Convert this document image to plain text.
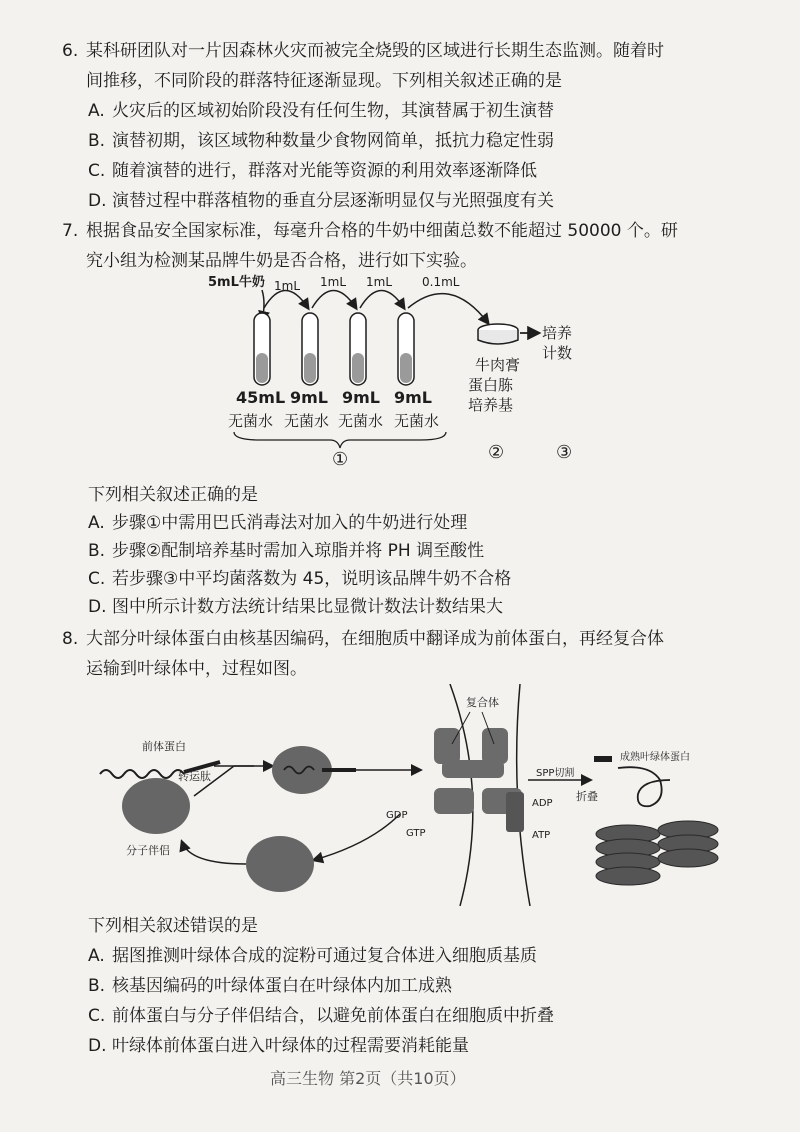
6. 某科研团队对一片因森林火灾而被完全烧毁的区域进行长期生态监测。随着时
间推移，不同阶段的群落特征逐渐显现。下列相关叙述正确的是
A. 火灾后的区域初始阶段没有任何生物，其演替属于初生演替
B. 演替初期，该区域物种数量少食物网简单，抵抗力稳定性弱
C. 随着演替的进行，群落对光能等资源的利用效率逐渐降低
D. 演替过程中群落植物的垂直分层逐渐明显仅与光照强度有关
7. 根据食品安全国家标准，每毫升合格的牛奶中细菌总数不能超过 50000 个。研
究小组为检测某品牌牛奶是否合格，进行如下实验。
5mL牛奶 1mL 1mL 1mL 0.1mL
培养
计数
牛肉膏
蛋白胨
培养基
45mL 9mL 9mL 9mL
无菌水 无菌水 无菌水 无菌水
①	②	③
下列相关叙述正确的是
A. 步骤①中需用巴氏消毒法对加入的牛奶进行处理
B. 步骤②配制培养基时需加入琼脂并将 PH 调至酸性
C. 若步骤③中平均菌落数为 45，说明该品牌牛奶不合格
D. 图中所示计数方法统计结果比显微计数法计数结果大
8. 大部分叶绿体蛋白由核基因编码，在细胞质中翻译成为前体蛋白，再经复合体
运输到叶绿体中，过程如图。
前体蛋白
转运肽
分子伴侣
复合体
GDP
GTP
ADP
ATP
SPP切割
折叠
成熟叶绿体蛋白
下列相关叙述错误的是
A. 据图推测叶绿体合成的淀粉可通过复合体进入细胞质基质
B. 核基因编码的叶绿体蛋白在叶绿体内加工成熟
C. 前体蛋白与分子伴侣结合，以避免前体蛋白在细胞质中折叠
D. 叶绿体前体蛋白进入叶绿体的过程需要消耗能量
高三生物 第2页（共10页）
